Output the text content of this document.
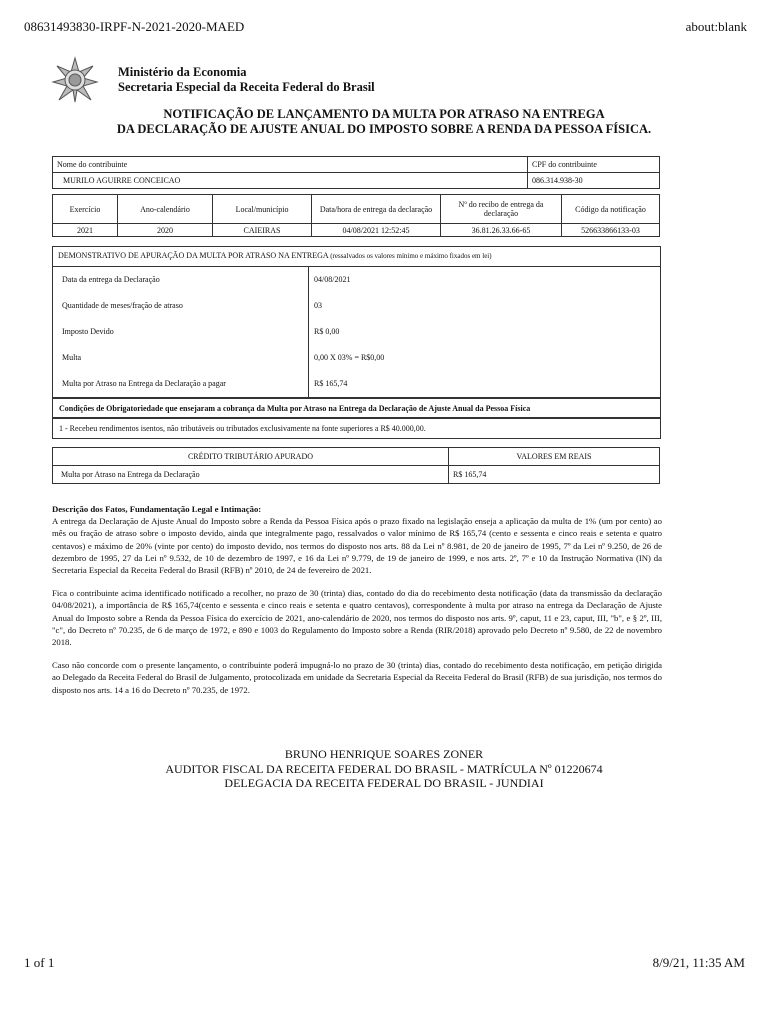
08631493830-IRPF-N-2021-2020-MAED	about:blank
Ministério da Economia
Secretaria Especial da Receita Federal do Brasil
NOTIFICAÇÃO DE LANÇAMENTO DA MULTA POR ATRASO NA ENTREGA
DA DECLARAÇÃO DE AJUSTE ANUAL DO IMPOSTO SOBRE A RENDA DA PESSOA FÍSICA.
Nome do contribuinte	CPF do contribuinte
MURILO AGUIRRE CONCEICAO	086.314.938-30
Exercício	Ano-calendário	Local/município	Data/hora de entrega da declaração	Nº do recibo de entrega da declaração	Código da notificação
2021	2020	CAIEIRAS	04/08/2021 12:52:45	36.81.26.33.66-65	526633866133-03
DEMONSTRATIVO DE APURAÇÃO DA MULTA POR ATRASO NA ENTREGA (ressalvados os valores mínimo e máximo fixados em lei)
Data da entrega da Declaração	04/08/2021
Quantidade de meses/fração de atraso	03
Imposto Devido	R$ 0,00
Multa	0,00 X 03% = R$0,00
Multa por Atraso na Entrega da Declaração a pagar	R$ 165,74
Condições de Obrigatoriedade que ensejaram a cobrança da Multa por Atraso na Entrega da Declaração de Ajuste Anual da Pessoa Física
1 - Recebeu rendimentos isentos, não tributáveis ou tributados exclusivamente na fonte superiores a R$ 40.000,00.
CRÉDITO TRIBUTÁRIO APURADO	VALORES EM REAIS
Multa por Atraso na Entrega da Declaração	R$ 165,74

Descrição dos Fatos, Fundamentação Legal e Intimação:

A entrega da Declaração de Ajuste Anual do Imposto sobre a Renda da Pessoa Física após o prazo fixado na legislação enseja a aplicação da multa de 1% (um por cento) ao mês ou fração de atraso sobre o imposto devido, ainda que integralmente pago, ressalvados o valor mínimo de R$ 165,74 (cento e sessenta e cinco reais e setenta e quatro centavos) e máximo de 20% (vinte por cento) do imposto devido, nos termos do disposto nos arts. 88 da Lei nº 8.981, de 20 de janeiro de 1995, 7º da Lei nº 9.250, de 26 de dezembro de 1995, 27 da Lei nº 9.532, de 10 de dezembro de 1997, e 16 da Lei nº 9.779, de 19 de janeiro de 1999, e nos arts. 2º, 7º e 10 da Instrução Normativa (IN) da Secretaria Especial da Receita Federal do Brasil (RFB) nº 2010, de 24 de fevereiro de 2021.

Fica o contribuinte acima identificado notificado a recolher, no prazo de 30 (trinta) dias, contado do dia do recebimento desta notificação (data da transmissão da declaração 04/08/2021), a importância de R$ 165,74(cento e sessenta e cinco reais e setenta e quatro centavos), correspondente à multa por atraso na entrega da Declaração de Ajuste Anual do Imposto sobre a Renda da Pessoa Física do exercício de 2021, ano-calendário de 2020, nos termos do disposto nos arts. 9º, caput, 11 e 23, caput, III, "b", e § 2º, III, "c", do Decreto nº 70.235, de 6 de março de 1972, e 890 e 1003 do Regulamento do Imposto sobre a Renda (RIR/2018) aprovado pelo Decreto nº 9.580, de 22 de novembro 2018.

Caso não concorde com o presente lançamento, o contribuinte poderá impugná-lo no prazo de 30 (trinta) dias, contado do recebimento desta notificação, em petição dirigida ao Delegado da Receita Federal do Brasil de Julgamento, protocolizada em unidade da Secretaria Especial da Receita Federal do Brasil (RFB) de sua jurisdição, nos termos do disposto nos arts. 14 a 16 do Decreto nº 70.235, de 1972.

BRUNO HENRIQUE SOARES ZONER
AUDITOR FISCAL DA RECEITA FEDERAL DO BRASIL - MATRÍCULA Nº 01220674
DELEGACIA DA RECEITA FEDERAL DO BRASIL - JUNDIAI
1 of 1	8/9/21, 11:35 AM
